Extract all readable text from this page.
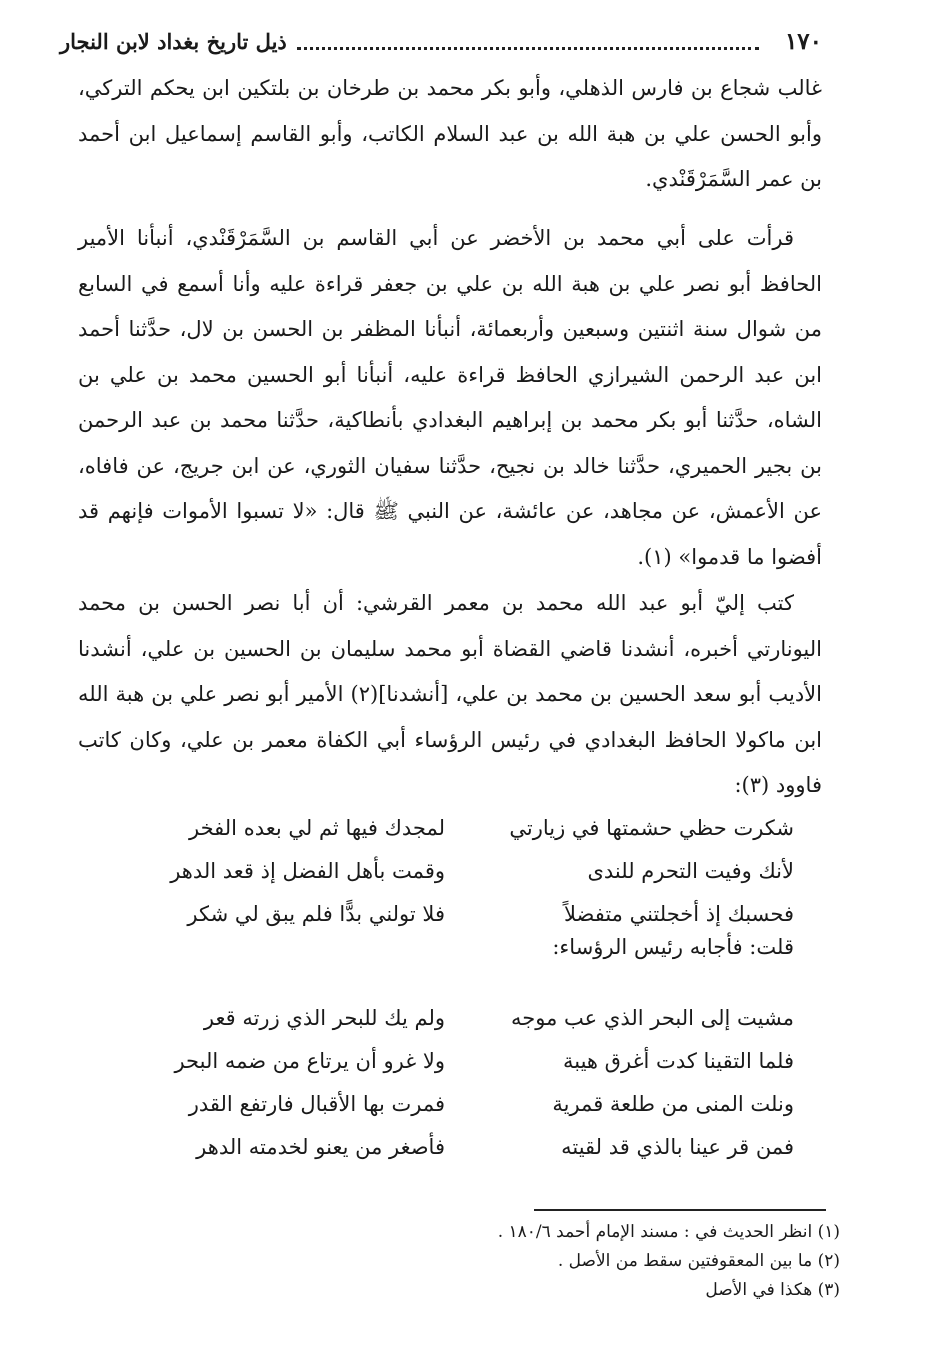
١٧٠
ذيل تاريخ بغداد لابن النجار
غالب شجاع بن فارس الذهلي، وأبو بكر محمد بن طرخان بن بلتكين ابن يحكم التركي، وأبو الحسن علي بن هبة الله بن عبد السلام الكاتب، وأبو القاسم إسماعيل ابن أحمد بن عمر السَّمَرْقَنْدي.
قرأت على أبي محمد بن الأخضر عن أبي القاسم بن السَّمَرْقَنْدي، أنبأنا الأمير الحافظ أبو نصر علي بن هبة الله بن علي بن جعفر قراءة عليه وأنا أسمع في السابع من شوال سنة اثنتين وسبعين وأربعمائة، أنبأنا المظفر بن الحسن بن لال، حدَّثنا أحمد ابن عبد الرحمن الشيرازي الحافظ قراءة عليه، أنبأنا أبو الحسين محمد بن علي بن الشاه، حدَّثنا أبو بكر محمد بن إبراهيم البغدادي بأنطاكية، حدَّثنا محمد بن عبد الرحمن بن بجير الحميري، حدَّثنا خالد بن نجيح، حدَّثنا سفيان الثوري، عن ابن جريج، عن فافاه، عن الأعمش، عن مجاهد، عن عائشة، عن النبي ﷺ قال: «لا تسبوا الأموات فإنهم قد أفضوا ما قدموا» (١).
كتب إليّ أبو عبد الله محمد بن معمر القرشي: أن أبا نصر الحسن بن محمد اليونارتي أخبره، أنشدنا قاضي القضاة أبو محمد سليمان بن الحسين بن علي، أنشدنا الأديب أبو سعد الحسين بن محمد بن علي، [أنشدنا](٢) الأمير أبو نصر علي بن هبة الله ابن ماكولا الحافظ البغدادي في رئيس الرؤساء أبي الكفاة معمر بن علي، وكان كاتب فاوود (٣):
شكرت حظي حشمتها في زيارتي
لمجدك فيها ثم لي بعده الفخر
لأنك وفيت التحرم للندى
وقمت بأهل الفضل إذ قعد الدهر
فحسبك إذ أخجلتني متفضلاً
فلا تولني بدًّا فلم يبق لي شكر
قلت: فأجابه رئيس الرؤساء:
مشيت إلى البحر الذي عب موجه
ولم يك للبحر الذي زرته قعر
فلما التقينا كدت أغرق هيبة
ولا غرو أن يرتاع من ضمه البحر
ونلت المنى من طلعة قمرية
فمرت بها الأقبال فارتفع القدر
فمن قر عينا بالذي قد لقيته
فأصغر من يعنو لخدمته الدهر
(١) انظر الحديث في : مسند الإمام أحمد ١٨٠/٦ .
(٢) ما بين المعقوفتين سقط من الأصل .
(٣) هكذا في الأصل
